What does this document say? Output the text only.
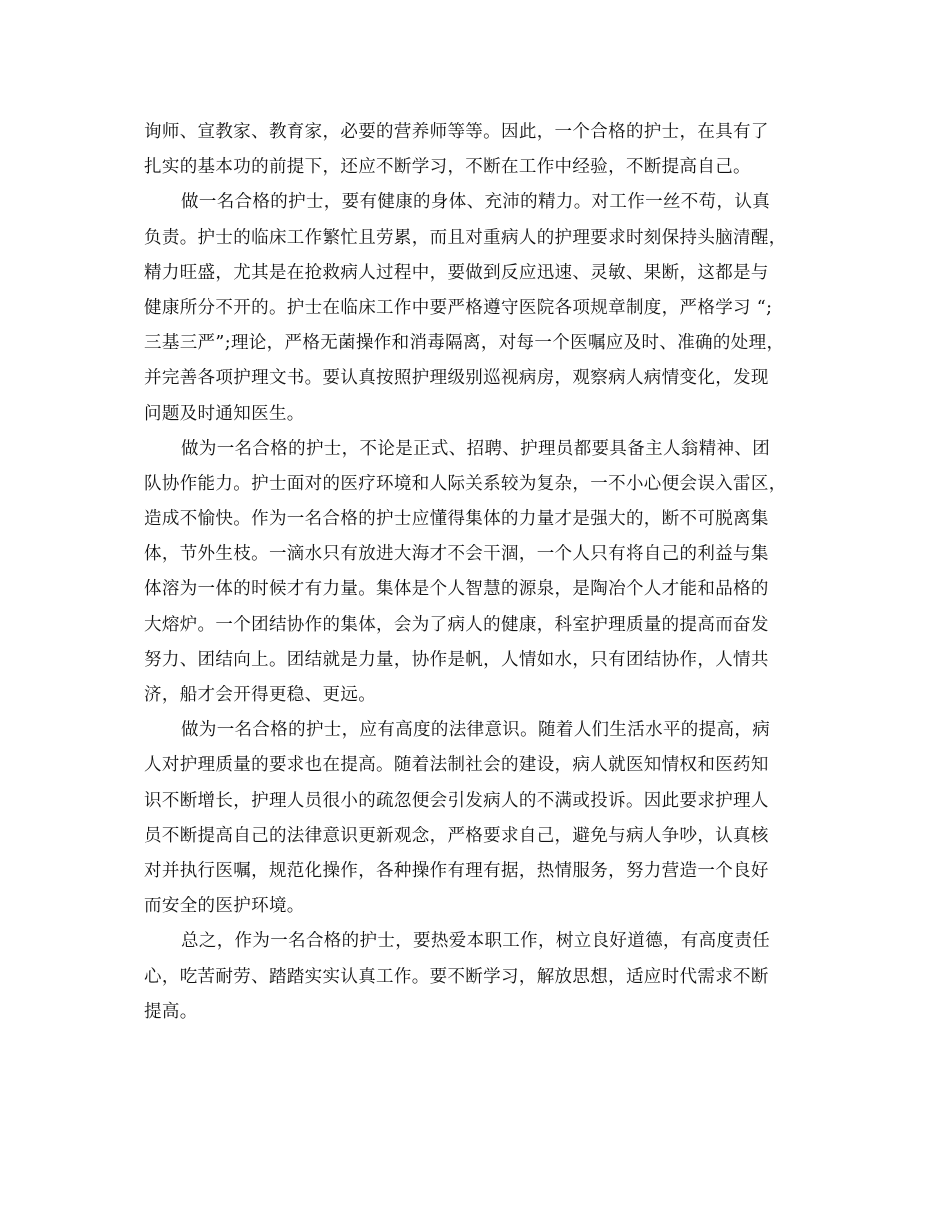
询师、宣教家、教育家，必要的营养师等等。因此，一个合格的护士，在具有了
扎实的基本功的前提下，还应不断学习，不断在工作中经验，不断提高自己。
做一名合格的护士，要有健康的身体、充沛的精力。对工作一丝不苟，认真
负责。护士的临床工作繁忙且劳累，而且对重病人的护理要求时刻保持头脑清醒，
精力旺盛，尤其是在抢救病人过程中，要做到反应迅速、灵敏、果断，这都是与
健康所分不开的。护士在临床工作中要严格遵守医院各项规章制度，严格学习 “;
三基三严”;理论，严格无菌操作和消毒隔离，对每一个医嘱应及时、准确的处理，
并完善各项护理文书。要认真按照护理级别巡视病房，观察病人病情变化，发现
问题及时通知医生。
做为一名合格的护士，不论是正式、招聘、护理员都要具备主人翁精神、团
队协作能力。护士面对的医疗环境和人际关系较为复杂，一不小心便会误入雷区，
造成不愉快。作为一名合格的护士应懂得集体的力量才是强大的，断不可脱离集
体，节外生枝。一滴水只有放进大海才不会干涸，一个人只有将自己的利益与集
体溶为一体的时候才有力量。集体是个人智慧的源泉，是陶冶个人才能和品格的
大熔炉。一个团结协作的集体，会为了病人的健康，科室护理质量的提高而奋发
努力、团结向上。团结就是力量，协作是帆，人情如水，只有团结协作，人情共
济，船才会开得更稳、更远。
做为一名合格的护士，应有高度的法律意识。随着人们生活水平的提高，病
人对护理质量的要求也在提高。随着法制社会的建设，病人就医知情权和医药知
识不断增长，护理人员很小的疏忽便会引发病人的不满或投诉。因此要求护理人
员不断提高自己的法律意识更新观念，严格要求自己，避免与病人争吵，认真核
对并执行医嘱，规范化操作，各种操作有理有据，热情服务，努力营造一个良好
而安全的医护环境。
总之，作为一名合格的护士，要热爱本职工作，树立良好道德，有高度责任
心，吃苦耐劳、踏踏实实认真工作。要不断学习，解放思想，适应时代需求不断
提高。
